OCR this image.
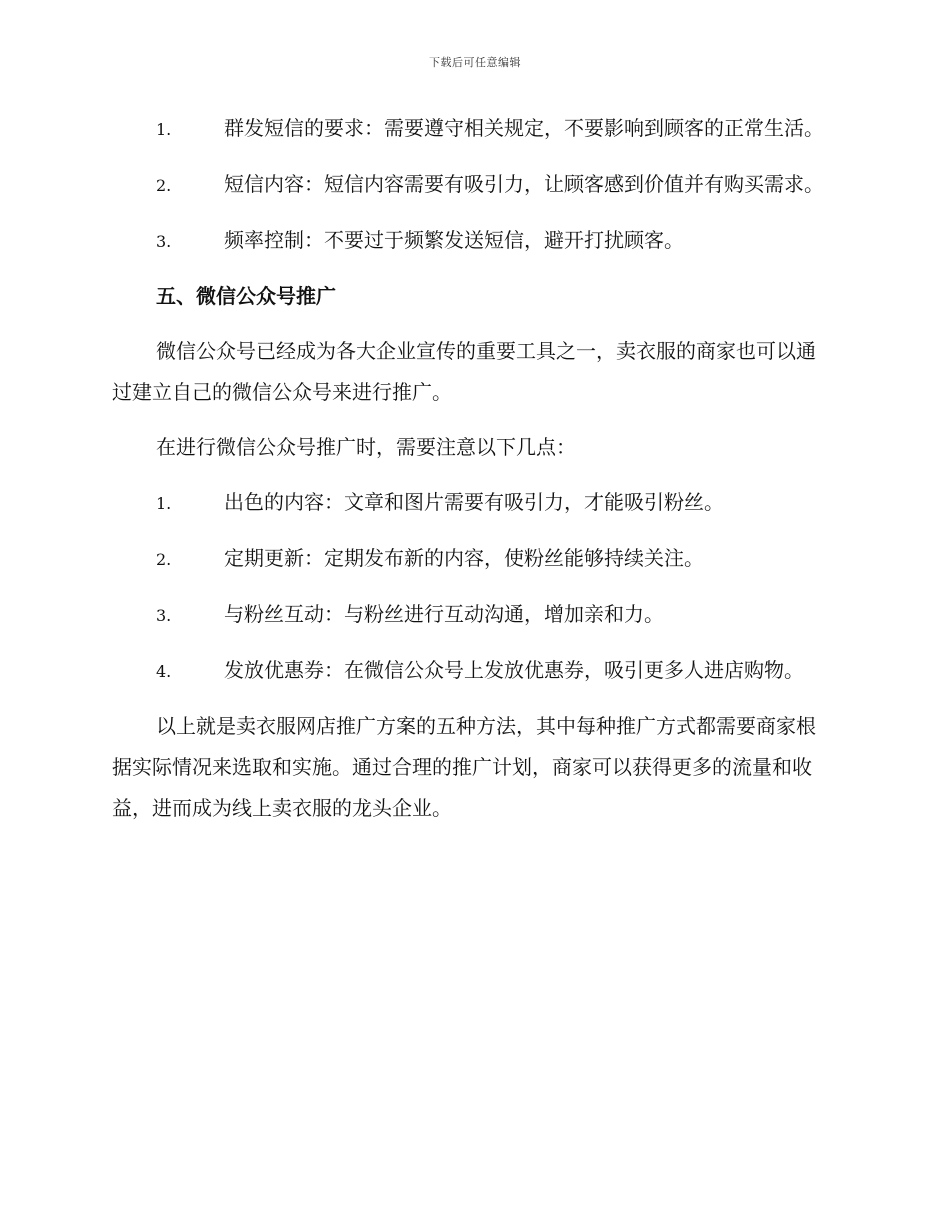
下载后可任意编辑
1.	群发短信的要求：需要遵守相关规定，不要影响到顾客的正常生活。
2.	短信内容：短信内容需要有吸引力，让顾客感到价值并有购买需求。
3.	频率控制：不要过于频繁发送短信，避开打扰顾客。
五、微信公众号推广
微信公众号已经成为各大企业宣传的重要工具之一，卖衣服的商家也可以通过建立自己的微信公众号来进行推广。
在进行微信公众号推广时，需要注意以下几点：
1.	出色的内容：文章和图片需要有吸引力，才能吸引粉丝。
2.	定期更新：定期发布新的内容，使粉丝能够持续关注。
3.	与粉丝互动：与粉丝进行互动沟通，增加亲和力。
4.	发放优惠券：在微信公众号上发放优惠券，吸引更多人进店购物。
以上就是卖衣服网店推广方案的五种方法，其中每种推广方式都需要商家根据实际情况来选取和实施。通过合理的推广计划，商家可以获得更多的流量和收益，进而成为线上卖衣服的龙头企业。
